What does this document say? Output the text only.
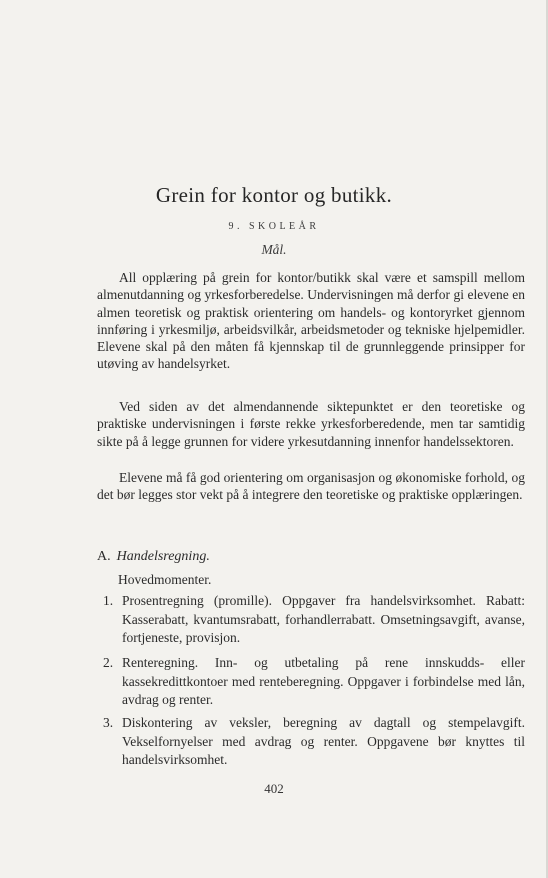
Grein for kontor og butikk.
9. SKOLEÅR
Mål.

All opplæring på grein for kontor/butikk skal være et samspill mellom almenutdanning og yrkesforberedelse. Undervisningen må derfor gi elevene en almen teoretisk og praktisk orientering om handels- og kontoryrket gjennom innføring i yrkesmiljø, arbeidsvilkår, arbeidsmetoder og tekniske hjelpemidler. Elevene skal på den måten få kjennskap til de grunnleggende prinsipper for utøving av handelsyrket.

Ved siden av det almendannende siktepunktet er den teoretiske og praktiske undervisningen i første rekke yrkesforberedende, men tar samtidig sikte på å legge grunnen for videre yrkesutdanning innenfor handelssektoren.

Elevene må få god orientering om organisasjon og økonomiske forhold, og det bør legges stor vekt på å integrere den teoretiske og praktiske opplæringen.

A. Handelsregning.
Hovedmomenter.
1. Prosentregning (promille). Oppgaver fra handelsvirksomhet. Rabatt: Kasserabatt, kvantumsrabatt, forhandlerrabatt. Omsetningsavgift, avanse, fortjeneste, provisjon.
2. Renteregning. Inn- og utbetaling på rene innskudds- eller kassekredittkontoer med renteberegning. Oppgaver i forbindelse med lån, avdrag og renter.
3. Diskontering av veksler, beregning av dagtall og stempelavgift. Vekselfornyelser med avdrag og renter. Oppgavene bør knyttes til handelsvirksomhet.
402
